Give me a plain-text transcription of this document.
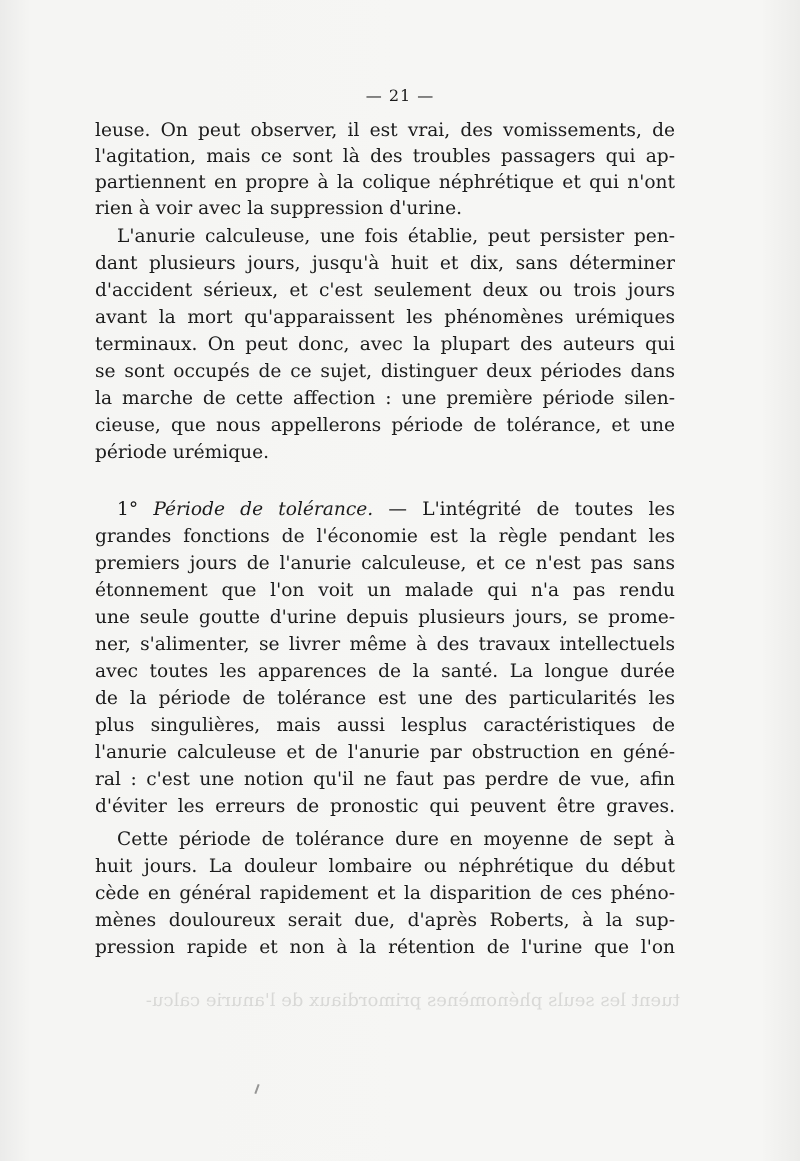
— 21 —
leuse. On peut observer, il est vrai, des vomissements, de
l'agitation, mais ce sont là des troubles passagers qui ap-
partiennent en propre à la colique néphrétique et qui n'ont
rien à voir avec la suppression d'urine.
L'anurie calculeuse, une fois établie, peut persister pen-
dant plusieurs jours, jusqu'à huit et dix, sans déterminer
d'accident sérieux, et c'est seulement deux ou trois jours
avant la mort qu'apparaissent les phénomènes urémiques
terminaux. On peut donc, avec la plupart des auteurs qui
se sont occupés de ce sujet, distinguer deux périodes dans
la marche de cette affection : une première période silen-
cieuse, que nous appellerons période de tolérance, et une
période urémique.
1° Période de tolérance. — L'intégrité de toutes les
grandes fonctions de l'économie est la règle pendant les
premiers jours de l'anurie calculeuse, et ce n'est pas sans
étonnement que l'on voit un malade qui n'a pas rendu
une seule goutte d'urine depuis plusieurs jours, se prome-
ner, s'alimenter, se livrer même à des travaux intellectuels
avec toutes les apparences de la santé. La longue durée
de la période de tolérance est une des particularités les
plus singulières, mais aussi lesplus caractéristiques de
l'anurie calculeuse et de l'anurie par obstruction en géné-
ral : c'est une notion qu'il ne faut pas perdre de vue, afin
d'éviter les erreurs de pronostic qui peuvent être graves.
Cette période de tolérance dure en moyenne de sept à
huit jours. La douleur lombaire ou néphrétique du début
cède en général rapidement et la disparition de ces phéno-
mènes douloureux serait due, d'après Roberts, à la sup-
pression rapide et non à la rétention de l'urine que l'on
tuent les seuls phénomènes primordiaux de l'anurie calcu-
